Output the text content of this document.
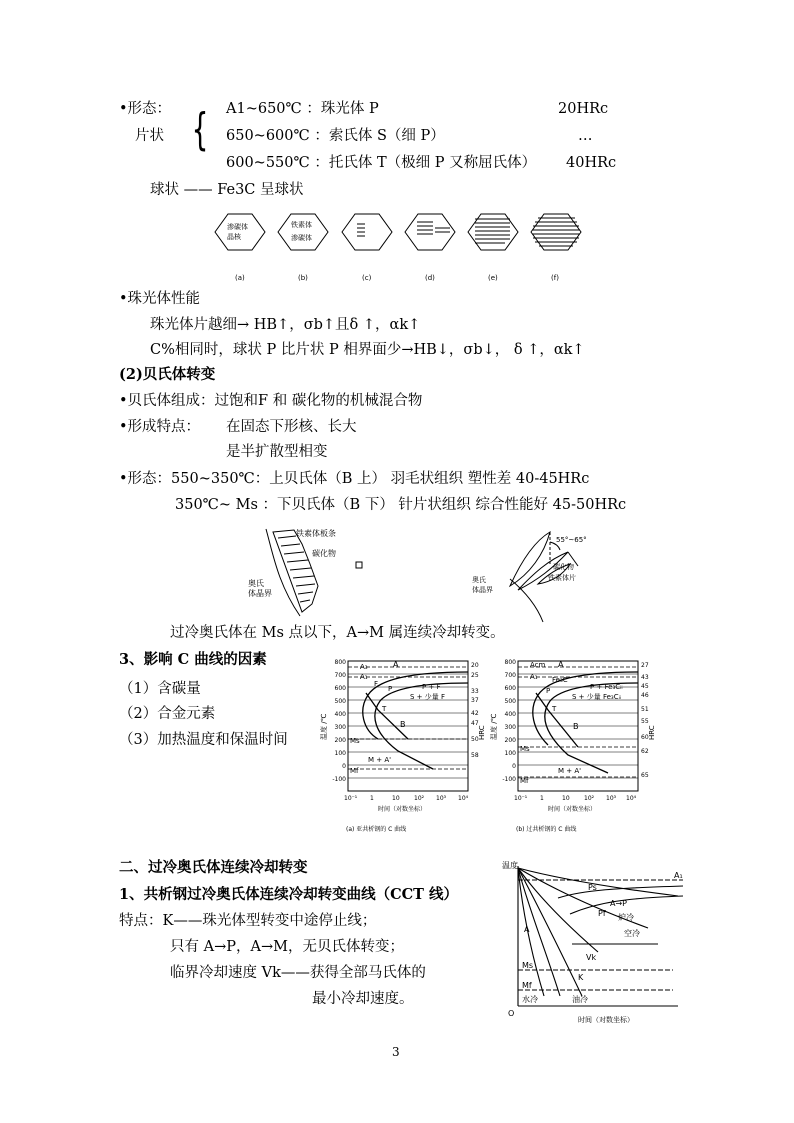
•形态：
片状 { A1~650℃ ：珠光体 P	20HRc
650~600℃ ：索氏体 S（细 P）	…
600~550℃ ：托氏体 T（极细 P 又称屈氏体） 40HRc
球状 —— Fe3C 呈球状
渗碳体
晶核
铁素体
渗碳体
(a)	(b)	(c)	(d)	(e)	(f)
•珠光体性能
珠光体片越细→ HB↑，σb↑且δ ↑，αk↑
C%相同时，球状 P 比片状 P 相界面少→HB↓，σb↓， δ ↑，αk↑
(2)贝氏体转变
•贝氏体组成：过饱和F 和 碳化物的机械混合物
•形成特点： 在固态下形核、长大
是半扩散型相变
•形态：550~350℃：上贝氏体（B 上） 羽毛状组织 塑性差 40-45HRc
350℃~ Ms ：下贝氏体（B 下） 针片状组织 综合性能好 45-50HRc
铁素体板条
碳化物
奥氏
体晶界
55°~65°
碳化物
铁素体片
奥氏
体晶界
过冷奥氏体在 Ms 点以下，A→M 属连续冷却转变。
3、影响 C 曲线的因素
（1）含碳量
（2）合金元素
（3）加热温度和保温时间
A₃
A₁
A
F
P	P + F
S + 少量 F
T
B
M + A'
Ms
Mf
800
700
600
500
400
300
200
100
0
-100
温度 /℃
20
25
33
37
42
47
50
58
HRC
10⁻¹ 1	10 10² 10³ 10⁴
时间（对数坐标）
(a) 亚共析钢的 C 曲线
Acm
A₁
A
Fe₃C
P	P + Fe₃Cᵢᵢ
S + 少量 Fe₃Cᵢᵢ
T
B
Ms
M + A'
Mf
800
700
600
500
400
300
200
100
0
-100
温度 /℃
27
43
45
46
51
55
60
62
65
HRC
10⁻¹ 1	10 10² 10³ 10⁴
时间（对数坐标）
(b) 过共析钢的 C 曲线
二、过冷奥氏体连续冷却转变
1、共析钢过冷奥氏体连续冷却转变曲线（CCT 线）
特点：K——珠光体型转变中途停止线；
只有 A→P，A→M，无贝氏体转变；
临界冷却速度 Vk——获得全部马氏体的
最小冷却速度。
温度
A₁
Ps
A→P
Pf 炉冷
空冷
A
Vk
Ms
Mf
K
水冷	油冷
O
时间（对数坐标）
3
